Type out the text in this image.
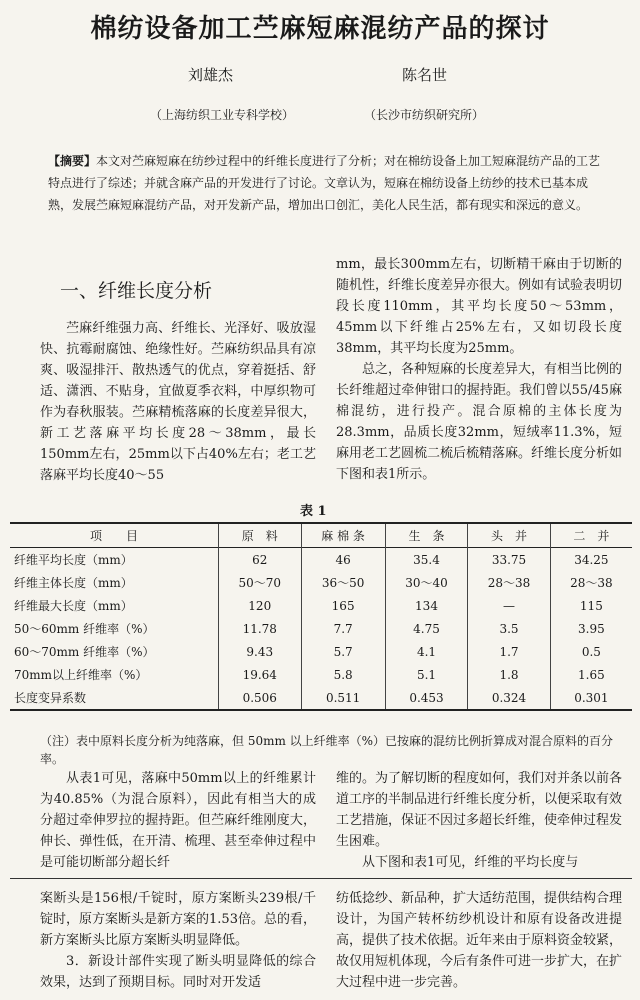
棉纺设备加工苎麻短麻混纺产品的探讨
刘雄杰	陈名世
（上海纺织工业专科学校）	（长沙市纺织研究所）

【摘要】本文对苎麻短麻在纺纱过程中的纤维长度进行了分析；对在棉纺设备上加工短麻混纺产品的工艺特点进行了综述；并就含麻产品的开发进行了讨论。文章认为，短麻在棉纺设备上纺纱的技术已基本成熟，发展苎麻短麻混纺产品，对开发新产品，增加出口创汇，美化人民生活，都有现实和深远的意义。

一、纤维长度分析

苎麻纤维强力高、纤维长、光泽好、吸放湿快、抗霉耐腐蚀、绝缘性好。苎麻纺织品具有凉爽、吸湿排汗、散热透气的优点，穿着挺括、舒适、潇洒、不贴身，宜做夏季衣料，中厚织物可作为春秋服装。苎麻精梳落麻的长度差异很大，新工艺落麻平均长度28～38mm，最长150mm左右，25mm以下占40%左右；老工艺落麻平均长度40～55

mm，最长300mm左右，切断精干麻由于切断的随机性，纤维长度差异亦很大。例如有试验表明切段长度110mm，其平均长度50～53mm，45mm以下纤维占25%左右，又如切段长度38mm，其平均长度为25mm。

总之，各种短麻的长度差异大，有相当比例的长纤维超过牵伸钳口的握持距。我们曾以55/45麻棉混纺，进行投产。混合原棉的主体长度为28.3mm，品质长度32mm，短绒率11.3%，短麻用老工艺圆梳二梳后梳精落麻。纤维长度分析如下图和表1所示。

表 1
项　　目	原　料	麻 棉 条	生　条	头　并	二　并
纤维平均长度（mm）	62	46	35.4	33.75	34.25
纤维主体长度（mm）	50～70	36～50	30～40	28～38	28～38
纤维最大长度（mm）	120	165	134	—	115
50～60mm 纤维率（%）	11.78	7.7	4.75	3.5	3.95
60～70mm 纤维率（%）	9.43	5.7	4.1	1.7	0.5
70mm以上纤维率（%）	19.64	5.8	5.1	1.8	1.65
长度变异系数	0.506	0.511	0.453	0.324	0.301

（注）表中原料长度分析为纯落麻，但 50mm 以上纤维率（%）已按麻的混纺比例折算成对混合原料的百分率。

从表1可见，落麻中50mm以上的纤维累计为40.85%（为混合原料），因此有相当大的成分超过牵伸罗拉的握持距。但苎麻纤维刚度大，伸长、弹性低，在开清、梳理、甚至牵伸过程中是可能切断部分超长纤

维的。为了解切断的程度如何，我们对并条以前各道工序的半制品进行纤维长度分析，以便采取有效工艺措施，保证不因过多超长纤维，使牵伸过程发生困难。

从下图和表1可见，纤维的平均长度与

案断头是156根/千锭时，原方案断头239根/千锭时，原方案断头是新方案的1.53倍。总的看，新方案断头比原方案断头明显降低。

3．新设计部件实现了断头明显降低的综合效果，达到了预期目标。同时对开发适

纺低捻纱、新品种，扩大适纺范围，提供结构合理设计，为国产转杯纺纱机设计和原有设备改进提高，提供了技术依据。近年来由于原料资金较紧，故仅用短机体现，今后有条件可进一步扩大，在扩大过程中进一步完善。
